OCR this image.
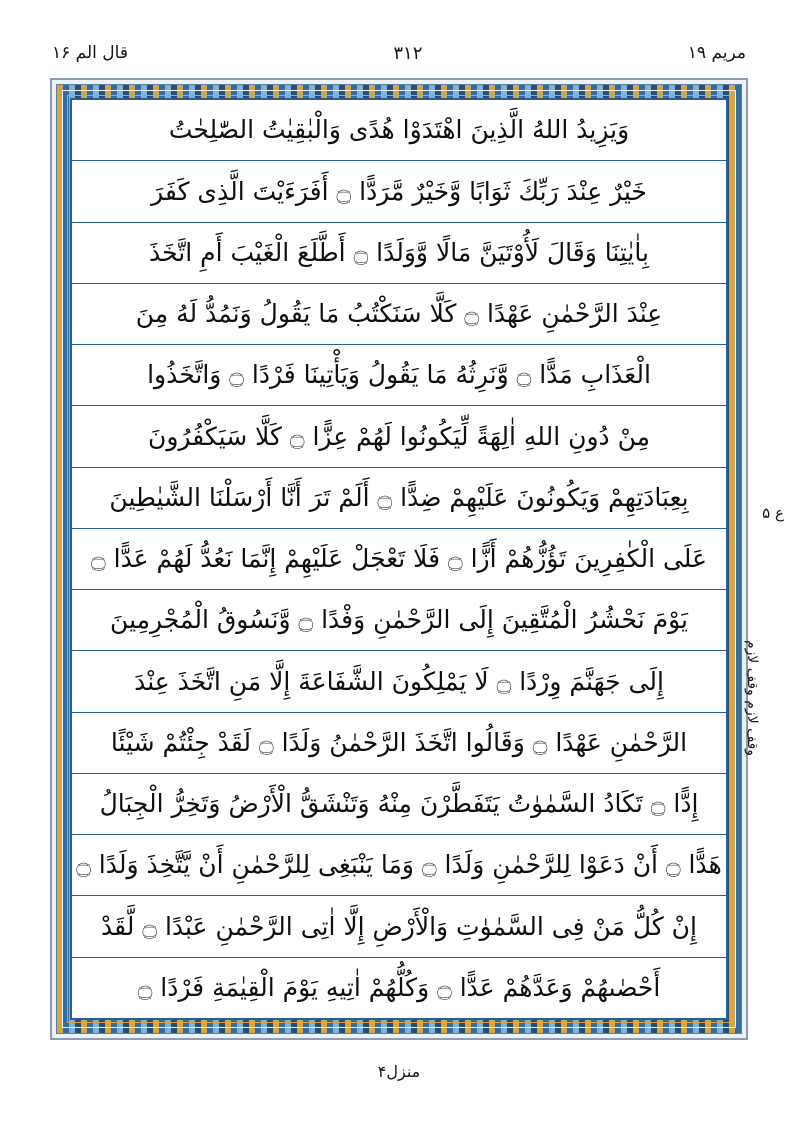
مریم ۱۹
۳۱۲
قال الم ۱۶
وَيَزِيدُ اللهُ الَّذِينَ اهْتَدَوْا هُدًى وَالْبٰقِيٰتُ الصّٰلِحٰتُ
خَيْرٌ عِنْدَ رَبِّكَ ثَوَابًا وَّخَيْرٌ مَّرَدًّا ۝ أَفَرَءَيْتَ الَّذِى كَفَرَ
بِاٰيٰتِنَا وَقَالَ لَأُوْتَيَنَّ مَالًا وَّوَلَدًا ۝ أَطَّلَعَ الْغَيْبَ أَمِ اتَّخَذَ
عِنْدَ الرَّحْمٰنِ عَهْدًا ۝ كَلَّا سَنَكْتُبُ مَا يَقُولُ وَنَمُدُّ لَهُ مِنَ
الْعَذَابِ مَدًّا ۝ وَّنَرِثُهُ مَا يَقُولُ وَيَأْتِينَا فَرْدًا ۝ وَاتَّخَذُوا
مِنْ دُونِ اللهِ اٰلِهَةً لِّيَكُونُوا لَهُمْ عِزًّا ۝ كَلَّا سَيَكْفُرُونَ
بِعِبَادَتِهِمْ وَيَكُونُونَ عَلَيْهِمْ ضِدًّا ۝ أَلَمْ تَرَ أَنَّا أَرْسَلْنَا الشَّيٰطِينَ
عَلَى الْكٰفِرِينَ تَؤُزُّهُمْ أَزًّا ۝ فَلَا تَعْجَلْ عَلَيْهِمْ إِنَّمَا نَعُدُّ لَهُمْ عَدًّا ۝
يَوْمَ نَحْشُرُ الْمُتَّقِينَ إِلَى الرَّحْمٰنِ وَفْدًا ۝ وَّنَسُوقُ الْمُجْرِمِينَ
إِلَى جَهَنَّمَ وِرْدًا ۝ لَا يَمْلِكُونَ الشَّفَاعَةَ إِلَّا مَنِ اتَّخَذَ عِنْدَ
الرَّحْمٰنِ عَهْدًا ۝ وَقَالُوا اتَّخَذَ الرَّحْمٰنُ وَلَدًا ۝ لَقَدْ جِئْتُمْ شَيْئًا
إِدًّا ۝ تَكَادُ السَّمٰوٰتُ يَتَفَطَّرْنَ مِنْهُ وَتَنْشَقُّ الْأَرْضُ وَتَخِرُّ الْجِبَالُ
هَدًّا ۝ أَنْ دَعَوْا لِلرَّحْمٰنِ وَلَدًا ۝ وَمَا يَنْبَغِى لِلرَّحْمٰنِ أَنْ يَّتَّخِذَ وَلَدًا ۝
إِنْ كُلُّ مَنْ فِى السَّمٰوٰتِ وَالْأَرْضِ إِلَّا اٰتِى الرَّحْمٰنِ عَبْدًا ۝ لَّقَدْ
أَحْصٰىهُمْ وَعَدَّهُمْ عَدًّا ۝ وَكُلُّهُمْ اٰتِيهِ يَوْمَ الْقِيٰمَةِ فَرْدًا ۝
ع ۵
وقف لازم وقف لازم
منزل۴
